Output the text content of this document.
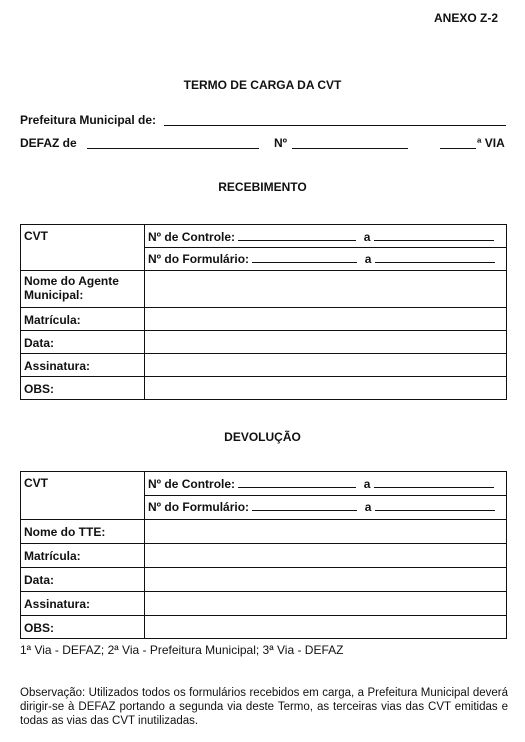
ANEXO Z-2
TERMO DE CARGA DA CVT
Prefeitura Municipal de:
DEFAZ de	Nº	ª VIA
RECEBIMENTO
CVT	Nº de Controle: a
	Nº do Formulário: a
Nome do Agente Municipal:	
Matrícula:	
Data:	
Assinatura:	
OBS:	
DEVOLUÇÃO
CVT	Nº de Controle: a
	Nº do Formulário: a
Nome do TTE:	
Matrícula:	
Data:	
Assinatura:	
OBS:	
1ª Via - DEFAZ; 2ª Via - Prefeitura Municipal; 3ª Via - DEFAZ
Observação: Utilizados todos os formulários recebidos em carga, a Prefeitura Municipal deverá dirigir-se à DEFAZ portando a segunda via deste Termo, as terceiras vias das CVT emitidas e todas as vias das CVT inutilizadas.
